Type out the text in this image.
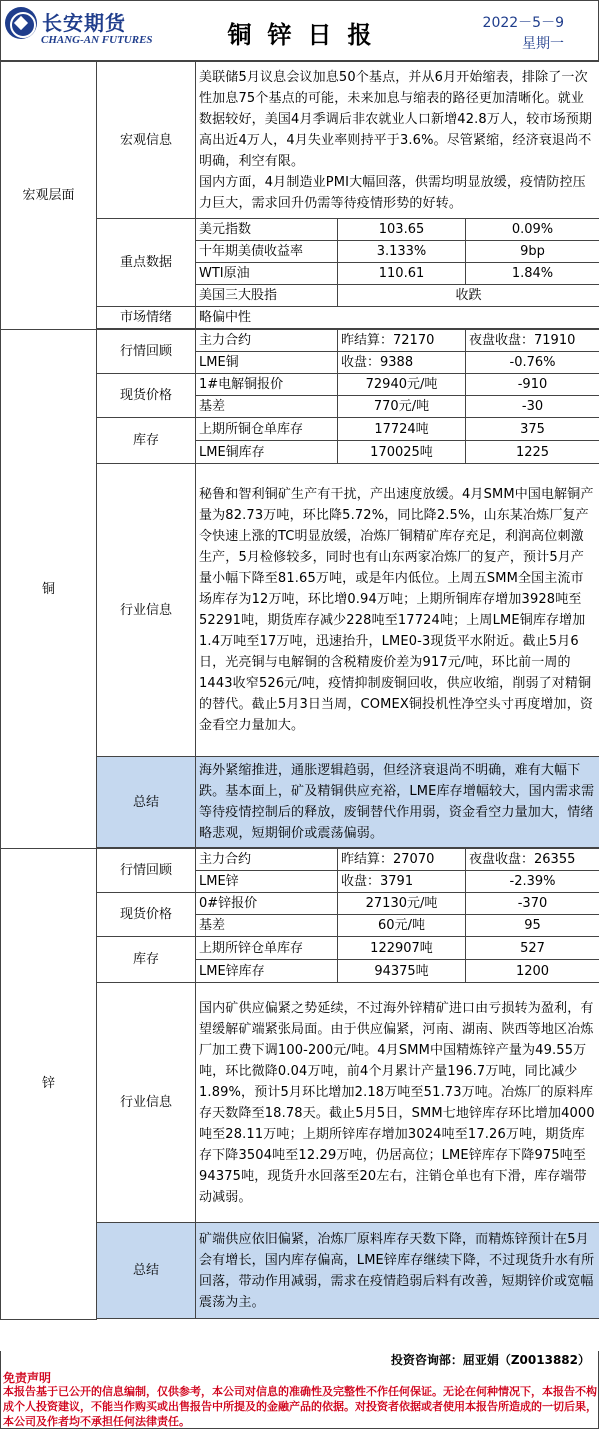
长安期货
CHANG-AN FUTURES	铜锌日报	2022－5－9
星期一
宏观层面	宏观信息	美联储5月议息会议加息50个基点，并从6月开始缩表，排除了一次性加息75个基点的可能，未来加息与缩表的路径更加清晰化。就业数据较好，美国4月季调后非农就业人口新增42.8万人，较市场预期高出近4万人，4月失业率则持平于3.6%。尽管紧缩，经济衰退尚不明确，利空有限。
国内方面，4月制造业PMI大幅回落，供需均明显放缓，疫情防控压力巨大，需求回升仍需等待疫情形势的好转。		

	重点数据	美元指数	103.65	0.09%
		十年期美债收益率	3.133%	9bp
		WTI原油	110.61	1.84%
		美国三大股指	收跌	
	市场情绪	略偏中性		

铜	行情回顾	主力合约	昨结算：72170	夜盘收盘：71910
		LME铜	收盘：9388	-0.76%
	现货价格	1#电解铜报价	72940元/吨	-910
		基差	770元/吨	-30
	库存	上期所铜仓单库存	17724吨	375
		LME铜库存	170025吨	1225
	行业信息	秘鲁和智利铜矿生产有干扰，产出速度放缓。4月SMM中国电解铜产量为82.73万吨，环比降5.72%，同比降2.5%，山东某冶炼厂复产令快速上涨的TC明显放缓，冶炼厂铜精矿库存充足，利润高位刺激生产，5月检修较多，同时也有山东两家冶炼厂的复产，预计5月产量小幅下降至81.65万吨，或是年内低位。上周五SMM全国主流市场库存为12万吨，环比增0.94万吨；上期所铜库存增加3928吨至52291吨，期货库存减少228吨至17724吨；上周LME铜库存增加1.4万吨至17万吨，迅速抬升，LME0-3现货平水附近。截止5月6日，光亮铜与电解铜的含税精废价差为917元/吨，环比前一周的1443收窄526元/吨，疫情抑制废铜回收，供应收缩，削弱了对精铜的替代。截止5月3日当周，COMEX铜投机性净空头寸再度增加，资金看空力量加大。		
	总结	海外紧缩推进，通胀逻辑趋弱，但经济衰退尚不明确，难有大幅下跌。基本面上，矿及精铜供应充裕，LME库存增幅较大，国内需求需等待疫情控制后的释放，废铜替代作用弱，资金看空力量加大，情绪略悲观，短期铜价或震荡偏弱。		

锌	行情回顾	主力合约	昨结算：27070	夜盘收盘：26355
		LME锌	收盘：3791	-2.39%
	现货价格	0#锌报价	27130元/吨	-370
		基差	60元/吨	95
	库存	上期所锌仓单库存	122907吨	527
		LME锌库存	94375吨	1200
	行业信息	国内矿供应偏紧之势延续，不过海外锌精矿进口由亏损转为盈利，有望缓解矿端紧张局面。由于供应偏紧，河南、湖南、陕西等地区冶炼厂加工费下调100-200元/吨。4月SMM中国精炼锌产量为49.55万吨，环比微降0.04万吨，前4个月累计产量196.7万吨，同比减少1.89%，预计5月环比增加2.18万吨至51.73万吨。冶炼厂的原料库存天数降至18.78天。截止5月5日，SMM七地锌库存环比增加4000吨至28.11万吨；上期所锌库存增加3024吨至17.26万吨，期货库存下降3504吨至12.29万吨，仍居高位；LME锌库存下降975吨至94375吨，现货升水回落至20左右，注销仓单也有下滑，库存端带动减弱。		
	总结	矿端供应依旧偏紧，冶炼厂原料库存天数下降，而精炼锌预计在5月会有增长，国内库存偏高，LME锌库存继续下降，不过现货升水有所回落，带动作用减弱，需求在疫情趋弱后料有改善，短期锌价或宽幅震荡为主。		

投资咨询部：屈亚娟（Z0013882）
免责声明
本报告基于已公开的信息编制，仅供参考，本公司对信息的准确性及完整性不作任何保证。无论在何种情况下，本报告不构成个人投资建议，不能当作购买或出售报告中所提及的金融产品的依据。对投资者依据或者使用本报告所造成的一切后果，本公司及作者均不承担任何法律责任。
